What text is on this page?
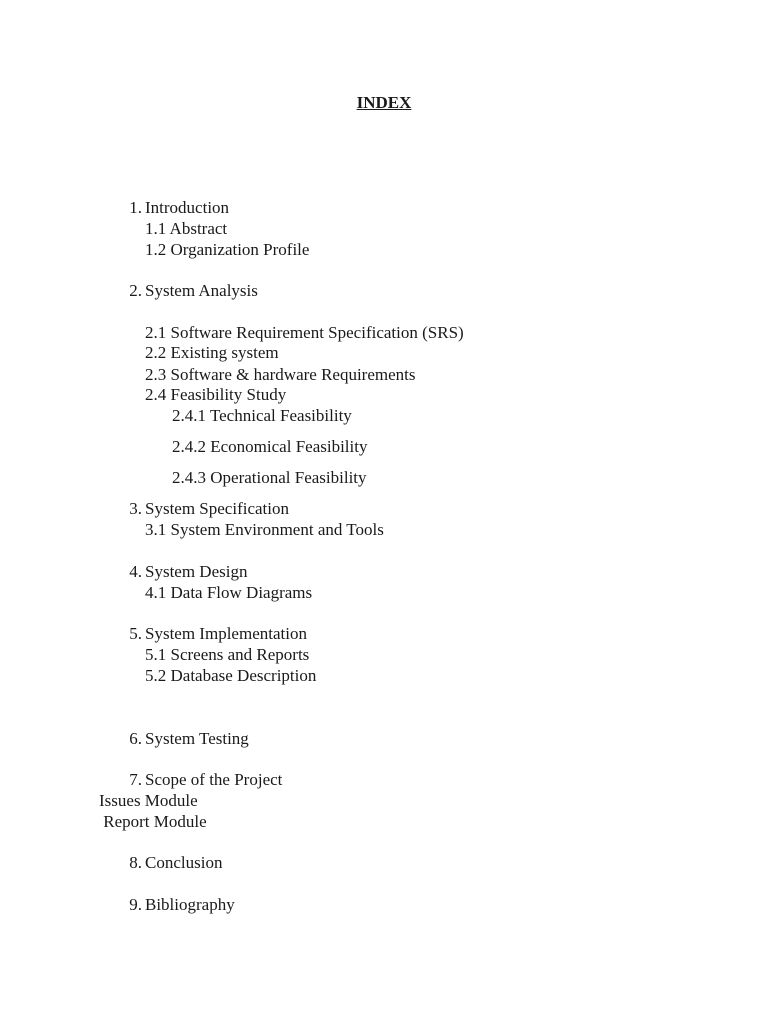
INDEX
1. Introduction
1.1 Abstract
1.2 Organization Profile
2. System Analysis
2.1 Software Requirement Specification (SRS)
2.2 Existing system
2.3 Software & hardware Requirements
2.4 Feasibility Study
2.4.1 Technical Feasibility
2.4.2 Economical Feasibility
2.4.3 Operational Feasibility
3. System Specification
3.1 System Environment and Tools
4. System Design
4.1 Data Flow Diagrams
5. System Implementation
5.1 Screens and Reports
5.2 Database Description
6. System Testing
7. Scope of the Project
Issues Module
Report Module
8. Conclusion
9. Bibliography
